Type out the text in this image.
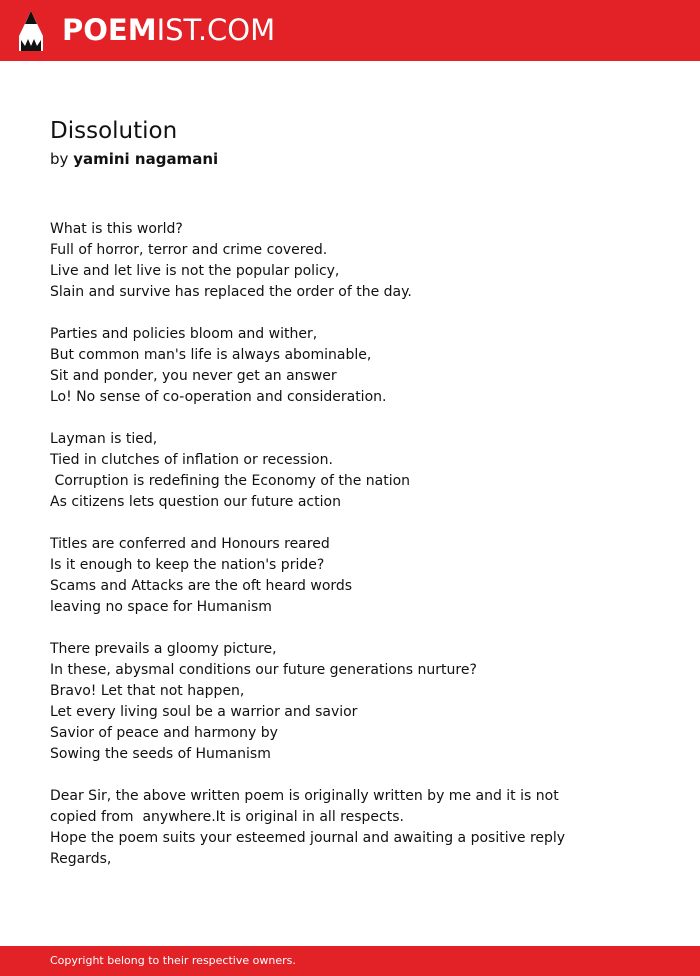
POEMIST.COM
Dissolution
by yamini nagamani
What is this world?
Full of horror, terror and crime covered.
Live and let live is not the popular policy,
Slain and survive has replaced the order of the day.
Parties and policies bloom and wither,
But common man's life is always abominable,
Sit and ponder, you never get an answer
Lo! No sense of co-operation and consideration.
Layman is tied,
Tied in clutches of inflation or recession.
Corruption is redefining the Economy of the nation
As citizens lets question our future action
Titles are conferred and Honours reared
Is it enough to keep the nation's pride?
Scams and Attacks are the oft heard words
leaving no space for Humanism
There prevails a gloomy picture,
In these, abysmal conditions our future generations nurture?
Bravo! Let that not happen,
Let every living soul be a warrior and savior
Savior of peace and harmony by
Sowing the seeds of Humanism
Dear Sir, the above written poem is originally written by me and it is not
copied from  anywhere.It is original in all respects.
Hope the poem suits your esteemed journal and awaiting a positive reply
Regards,
Copyright belong to their respective owners.
